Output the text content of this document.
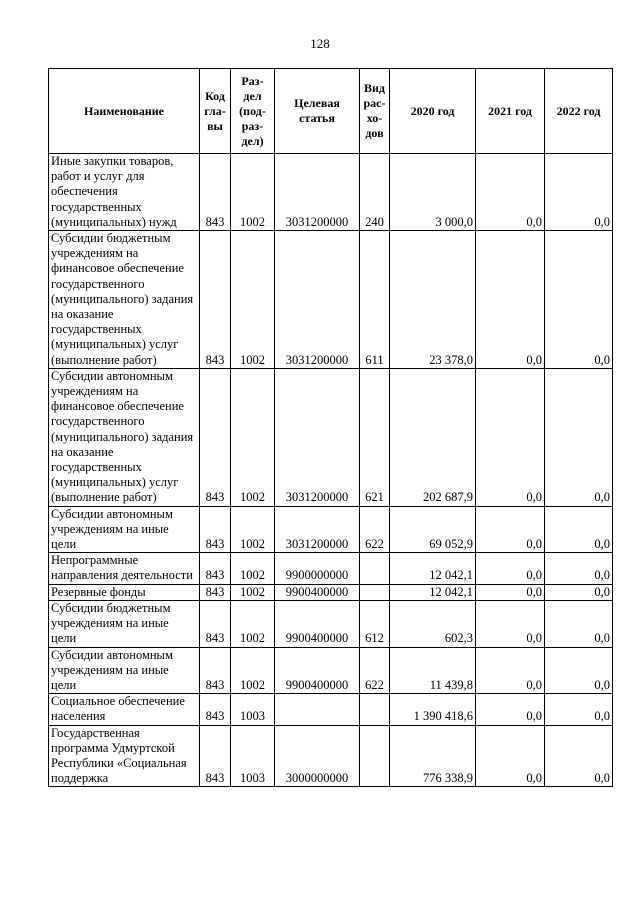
128
Наименование	Код
гла-
вы	Раз-
дел
(под-
раз-
дел)	Целевая
статья	Вид
рас-
хо-
дов	2020 год	2021 год	2022 год
Иные закупки товаров, работ и услуг для обеспечения государственных (муниципальных) нужд	843	1002	3031200000	240	3 000,0	0,0	0,0
Субсидии бюджетным учреждениям на финансовое обеспечение государственного (муниципального) задания на оказание государственных (муниципальных) услуг (выполнение работ)	843	1002	3031200000	611	23 378,0	0,0	0,0
Субсидии автономным учреждениям на финансовое обеспечение государственного (муниципального) задания на оказание государственных (муниципальных) услуг (выполнение работ)	843	1002	3031200000	621	202 687,9	0,0	0,0
Субсидии автономным учреждениям на иные цели	843	1002	3031200000	622	69 052,9	0,0	0,0
Непрограммные направления деятельности	843	1002	9900000000		12 042,1	0,0	0,0
Резервные фонды	843	1002	9900400000		12 042,1	0,0	0,0
Субсидии бюджетным учреждениям на иные цели	843	1002	9900400000	612	602,3	0,0	0,0
Субсидии автономным учреждениям на иные цели	843	1002	9900400000	622	11 439,8	0,0	0,0
Социальное обеспечение населения	843	1003			1 390 418,6	0,0	0,0
Государственная программа Удмуртской Республики «Социальная поддержка	843	1003	3000000000		776 338,9	0,0	0,0
